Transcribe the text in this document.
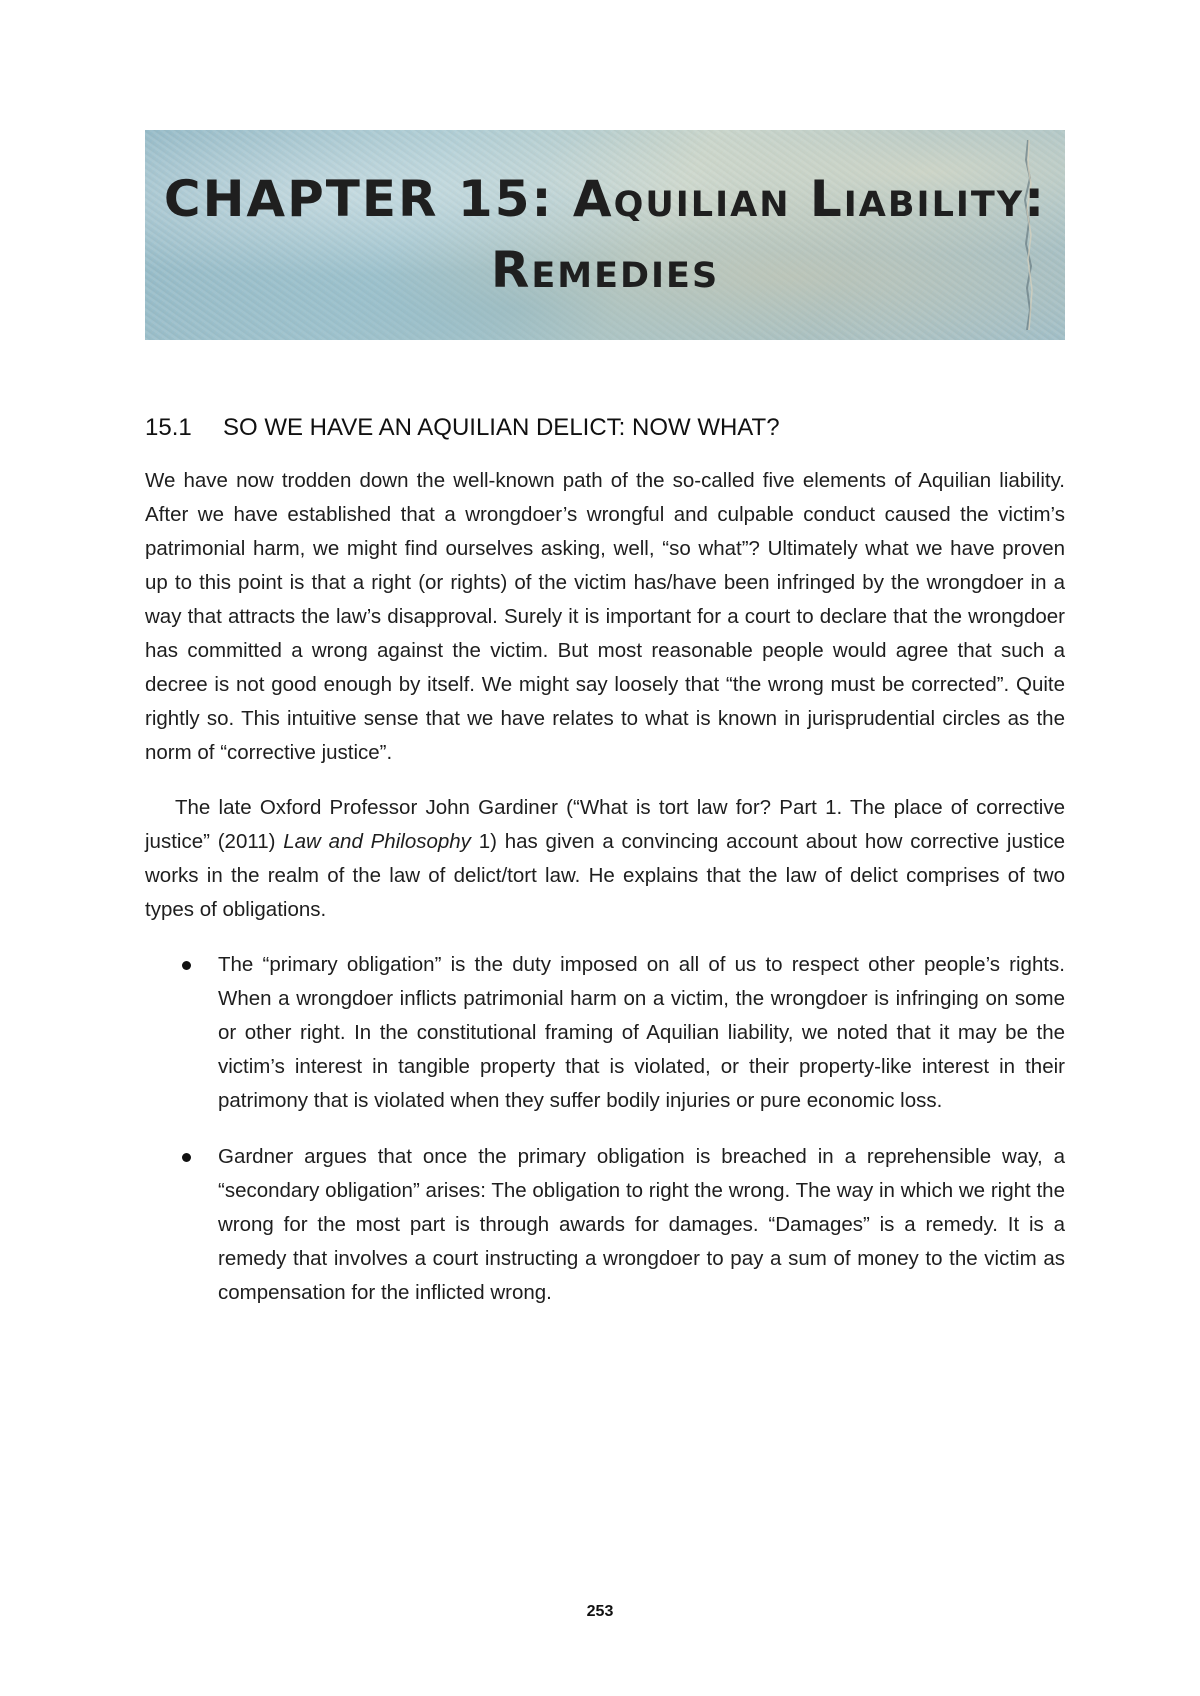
CHAPTER 15: Aquilian Liability:
Remedies
15.1 SO WE HAVE AN AQUILIAN DELICT: NOW WHAT?

We have now trodden down the well-known path of the so-called five elements of Aquilian liability. After we have established that a wrongdoer’s wrongful and culpable conduct caused the victim’s patrimonial harm, we might find ourselves asking, well, “so what”? Ultimately what we have proven up to this point is that a right (or rights) of the victim has/have been infringed by the wrongdoer in a way that attracts the law’s disapproval. Surely it is important for a court to declare that the wrongdoer has committed a wrong against the victim. But most reasonable people would agree that such a decree is not good enough by itself. We might say loosely that “the wrong must be corrected”. Quite rightly so. This intuitive sense that we have relates to what is known in jurisprudential circles as the norm of “corrective justice”.

The late Oxford Professor John Gardiner (“What is tort law for? Part 1. The place of corrective justice” (2011) Law and Philosophy 1) has given a convincing account about how corrective justice works in the realm of the law of delict/tort law. He explains that the law of delict comprises of two types of obligations.

The “primary obligation” is the duty imposed on all of us to respect other people’s rights. When a wrongdoer inflicts patrimonial harm on a victim, the wrongdoer is infringing on some or other right. In the constitutional framing of Aquilian liability, we noted that it may be the victim’s interest in tangible property that is violated, or their property-like interest in their patrimony that is violated when they suffer bodily injuries or pure economic loss.
Gardner argues that once the primary obligation is breached in a reprehensible way, a “secondary obligation” arises: The obligation to right the wrong. The way in which we right the wrong for the most part is through awards for damages. “Damages” is a remedy. It is a remedy that involves a court instructing a wrongdoer to pay a sum of money to the victim as compensation for the inflicted wrong.
253
